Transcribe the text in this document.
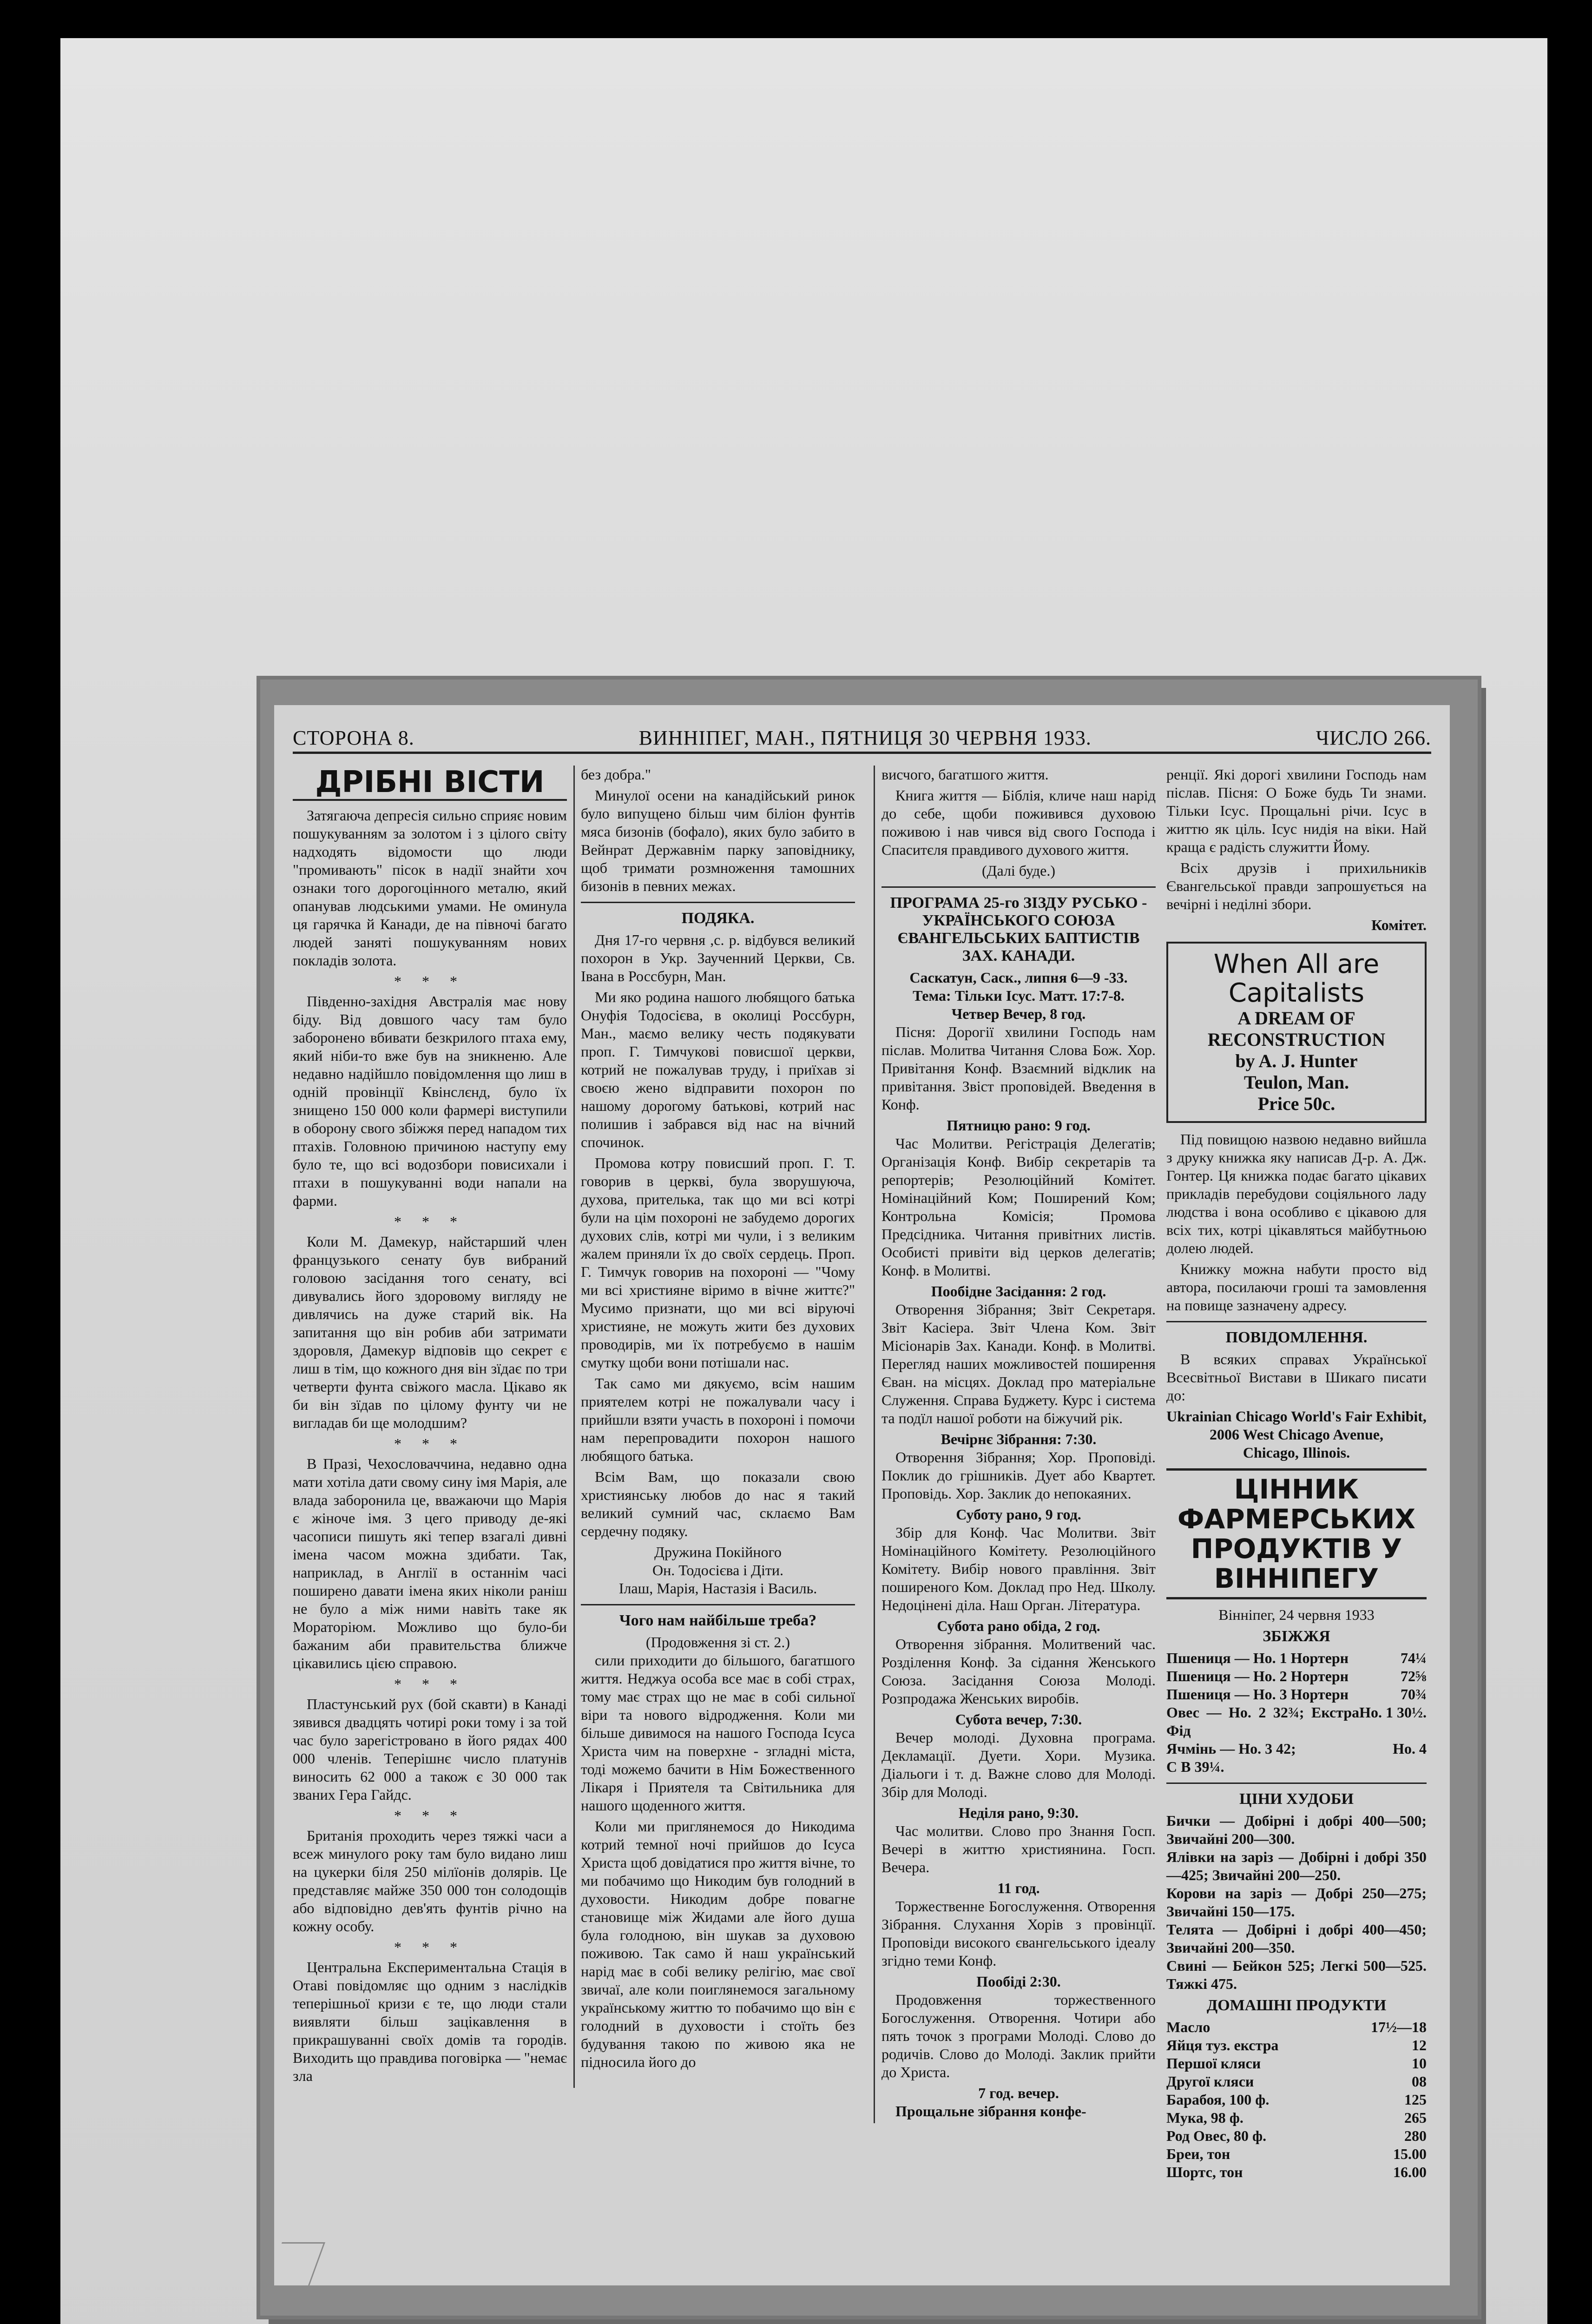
СТОРОНА 8.	ВИННІПЕГ, МАН., ПЯТНИЦЯ 30 ЧЕРВНЯ 1933.	ЧИСЛО 266.
ДРІБНІ ВІСТИ

Затягаюча депресія сильно сприяє новим пошукуванням за золотом і з цілого світу надходять відомости що люди "промивають" пісок в надії знайти хоч ознаки того дорогоцінного металю, який опанував людськими умами. Не оминула ця гарячка й Канади, де на півночі багато людей заняті пошукуванням нових покладів золота.

* * *

Південно-західня Австралія має нову біду. Від довшого часу там було заборонено вбивати безкрилого птаха ему, який ніби-то вже був на зникненю. Але недавно надійшло повідомлення що лиш в одній провінції Квінслєнд, було їх знищено 150 000 коли фармері виступили в оборону свого збіжжя перед нападом тих птахів. Головною причиною наступу ему було те, що всі водозбори повисихали і птахи в пошукуванні води напали на фарми.

* * *

Коли М. Дамекур, найстарший член французького сенату був вибраний головою засідання того сенату, всі дивувались його здоровому вигляду не дивлячись на дуже старий вік. На запитання що він робив аби затримати здоровля, Дамекур відповів що секрет є лиш в тім, що кожного дня він зїдає по три четверти фунта свіжого масла. Цікаво як би він зїдав по цілому фунту чи не вигладав би ще молодшим?

* * *

В Празі, Чехословаччина, недавно одна мати хотіла дати свому сину імя Марія, але влада заборонила це, вважаючи що Марія є жіноче імя. З цего приводу де-які часописи пишуть які тепер взагалі дивні імена часом можна здибати. Так, наприклад, в Англії в останнім часі поширено давати імена яких ніколи раніш не було а між ними навіть таке як Мораторіюм. Можливо що було-би бажаним аби правительства ближче цікавились цією справою.

* * *

Пластунський рух (бой скавти) в Канаді зявився двадцять чотирі роки тому і за той час було зарегістровано в його рядах 400 000 членів. Теперішнє число платунів виносить 62 000 а також є 30 000 так званих Гера Гайдс.

* * *

Британія проходить через тяжкі часи а всеж минулого року там було видано лиш на цукерки біля 250 мілїонів долярів. Це представляє майже 350 000 тон солодощів або відповідно дев'ять фунтів річно на кожну особу.

* * *

Центральна Експериментальна Стація в Отаві повідомляє що одним з наслідків теперішньої кризи є те, що люди стали виявляти більш зацікавлення в прикрашуванні своїх домів та городів. Виходить що правдива поговірка — "немає зла

без добра."

Минулої осени на канадійський ринок було випущено більш чим біліон фунтів мяса бизонів (бофало), яких було забито в Вейнрат Державнім парку заповіднику, щоб тримати розмноження тамошних бизонів в певних межах.

ПОДЯКА.

Дня 17-го червня ,с. р. відбувся великий похорон в Укр. Заученний Церкви, Св. Івана в Россбурн, Ман.

Ми яко родина нашого любящого батька Онуфія Тодосієва, в околиці Россбурн, Ман., маємо велику честь подякувати проп. Г. Тимчукові повисшої церкви, котрий не пожалував труду, і приїхав зі своєю жено відправити похорон по нашому дорогому батькові, котрий нас полишив і забрався від нас на вічний спочинок.

Промова котру повисший проп. Г. Т. говорив в церкві, була зворушуюча, духова, прителька, так що ми всі котрі були на цім похороні не забудемо дорогих духових слів, котрі ми чули, і з великим жалем приняли їх до своїх сердець. Проп. Г. Тимчук говорив на похороні — "Чому ми всі християне віримо в вічне життє?" Мусимо признати, що ми всі віруючі християне, не можуть жити без духових проводирів, ми їх потребуємо в нашім смутку щоби вони потішали нас.

Так само ми дякуємо, всім нашим приятелем котрі не пожалували часу і прийшли взяти участь в похороні і помочи нам перепровадити похорон нашого любящого батька.

Всім Вам, що показали свою християнську любов до нас я такий великий сумний час, склаємо Вам сердечну подяку.

Дружина Покійного
Он. Тодосієва і Діти.
Ілаш, Марія, Настазія і Василь.
Чого нам найбільше треба?
(Продовження зі ст. 2.)

сили приходити до більшого, багатшого життя. Неджуа особа все має в собі страх, тому має страх що не має в собі сильної віри та нового відродження. Коли ми більше дивимося на нашого Господа Ісуса Христа чим на поверхне - згладні міста, тоді можемо бачити в Нім Божественного Лікаря і Приятеля та Світильника для нашого щоденного життя.

Коли ми приглянемося до Никодима котрий темної ночі прийшов до Ісуса Христа щоб довідатися про життя вічне, то ми побачимо що Никодим був голодний в духовости. Никодим добре повагне становище між Жидами але його душа була голодною, він шукав за духовою поживою. Так само й наш український нарід має в собі велику релігію, має свої звичаї, але коли поиглянемося загальному українському життю то побачимо що він є голодний в духовости і стоїть без будування такою по живою яка не підносила його до

висчого, багатшого життя.

Книга життя — Біблія, кличе наш нарід до себе, щоби поживився духовою поживою і нав чився від свого Господа і Спаситєля правдивого духового життя.

(Далі буде.)
ПРОГРАМА 25-го ЗІЗДУ РУСЬКО - УКРАЇНСЬКОГО СОЮЗА ЄВАНГЕЛЬСЬКИХ БАПТИСТІВ ЗАХ. КАНАДИ.
Саскатун, Саск., липня 6—9 -33.
Тема: Тільки Ісус. Матт. 17:7-8.
Четвер Вечер, 8 год.

Пісня: Дорогії хвилини Господь нам післав. Молитва Читання Слова Бож. Хор. Привітання Конф. Взаємний відклик на привітання. Звіст проповідей. Введення в Конф.

Пятницю рано: 9 год.

Час Молитви. Регістрація Делегатів; Організація Конф. Вибір секретарів та репортерів; Резолюційний Комітет. Номінаційний Ком; Поширений Ком; Контрольна Комісія; Промова Предсідника. Читання привітних листів. Особисті привіти від церков делегатів; Конф. в Молитві.

Пообідне Засідання: 2 год.

Отворення Зібрання; Звіт Секретаря. Звіт Касіера. Звіт Члена Ком. Звіт Місіонарів Зах. Канади. Конф. в Молитві. Перегляд наших можливостей поширення Єван. на місцях. Доклад про матеріальне Служення. Справа Буджету. Курс і система та подїл нашої роботи на біжучий рік.

Вечірнє Зібрання: 7:30.

Отворення Зібрання; Хор. Проповіді. Поклик до грішників. Дует або Квартет. Проповідь. Хор. Заклик до непокаяних.

Суботу рано, 9 год.

Збір для Конф. Час Молитви. Звіт Номінаційного Комітету. Резолюційного Комітету. Вибір нового правління. Звіт поширеного Ком. Доклад про Нед. Школу. Недоцінені діла. Наш Орган. Література.

Субота рано обіда, 2 год.

Отворення зібрання. Молитвений час. Розділення Конф. За сідання Женського Союза. Засідання Союза Молоді. Розпродажа Женських виробів.

Субота вечер, 7:30.

Вечер молоді. Духовна програма. Декламації. Дуети. Хори. Музика. Діальоги і т. д. Важне слово для Молоді. Збір для Молоді.

Неділя рано, 9:30.

Час молитви. Слово про Знання Госп. Вечері в життю християнина. Госп. Вечера.

11 год.

Торжественне Богослуження. Отворення Зібрання. Слухання Хорів з провінції. Проповіди високого євангельського ідеалу згідно теми Конф.

Пообіді 2:30.

Продовження торжественного Богослуження. Отворення. Чотири або пять точок з програми Молоді. Слово до родичів. Слово до Молоді. Заклик прийти до Христа.

7 год. вечер.

Прощальне зібрання конфе-

ренції. Які дорогі хвилини Господь нам післав. Пісня: О Боже будь Ти знами. Тільки Ісус. Прощальні річи. Ісус в життю як ціль. Ісус нидія на віки. Най краща є радість служитти Йому.

Всіх друзів і прихильників Євангельської правди запрошується на вечірні і неділні збори.

Комітет.
When All are Capitalists
A DREAM OF RECONSTRUCTION
by A. J. Hunter
Teulon, Man.
Price 50c.

Під повищою назвою недавно вийшла з друку книжка яку написав Д-р. А. Дж. Гонтер. Ця книжка подає багато цікавих прикладів перебудови соціяльного ладу людства і вона особливо є цікавою для всіх тих, котрі цікавляться майбутньою долею людей.

Книжку можна набути просто від автора, посилаючи гроші та замовлення на повище зазначену адресу.

ПОВІДОМЛЕННЯ.

В всяких справах Української Всесвітньої Вистави в Шикаго писати до:

Ukrainian Chicago World's Fair Exhibit,
2006 West Chicago Avenue,
Chicago, Illinois.
ЦІННИК ФАРМЕРСЬКИХ ПРОДУКТІВ У ВІННІПЕГУ
Вінніпег, 24 червня 1933
ЗБІЖЖЯ
Пшениця — Но. 1 Нортерн	74¼
Пшениця — Но. 2 Нортерн	72⅝
Пшениця — Но. 3 Нортерн	70¾
Овес — Но. 2 32¾; Екстра Фід
Но. 1 30½.
Ячмінь — Но. 3 42;	Но. 4
С В 39¼.
ЦІНИ ХУДОБИ
Бички — Добірні і добрі 400—500; Звичайні 200—300.
Ялівки на заріз — Добірні і добрі 350—425; Звичайні 200—250.
Корови на заріз — Добрі 250—275; Звичайні 150—175.
Телята — Добірні і добрі 400—450; Звичайні 200—350.
Свині — Бейкон 525; Легкі 500—525. Тяжкі 475.
ДОМАШНІ ПРОДУКТИ
Масло	17½—18
Яйця туз. екстра	12
Першої кляси	10
Другої кляси	08
Барабоя, 100 ф.	125
Мука, 98 ф.	265
Род Овес, 80 ф.	280
Бреи, тон	15.00
Шортс, тон	16.00
